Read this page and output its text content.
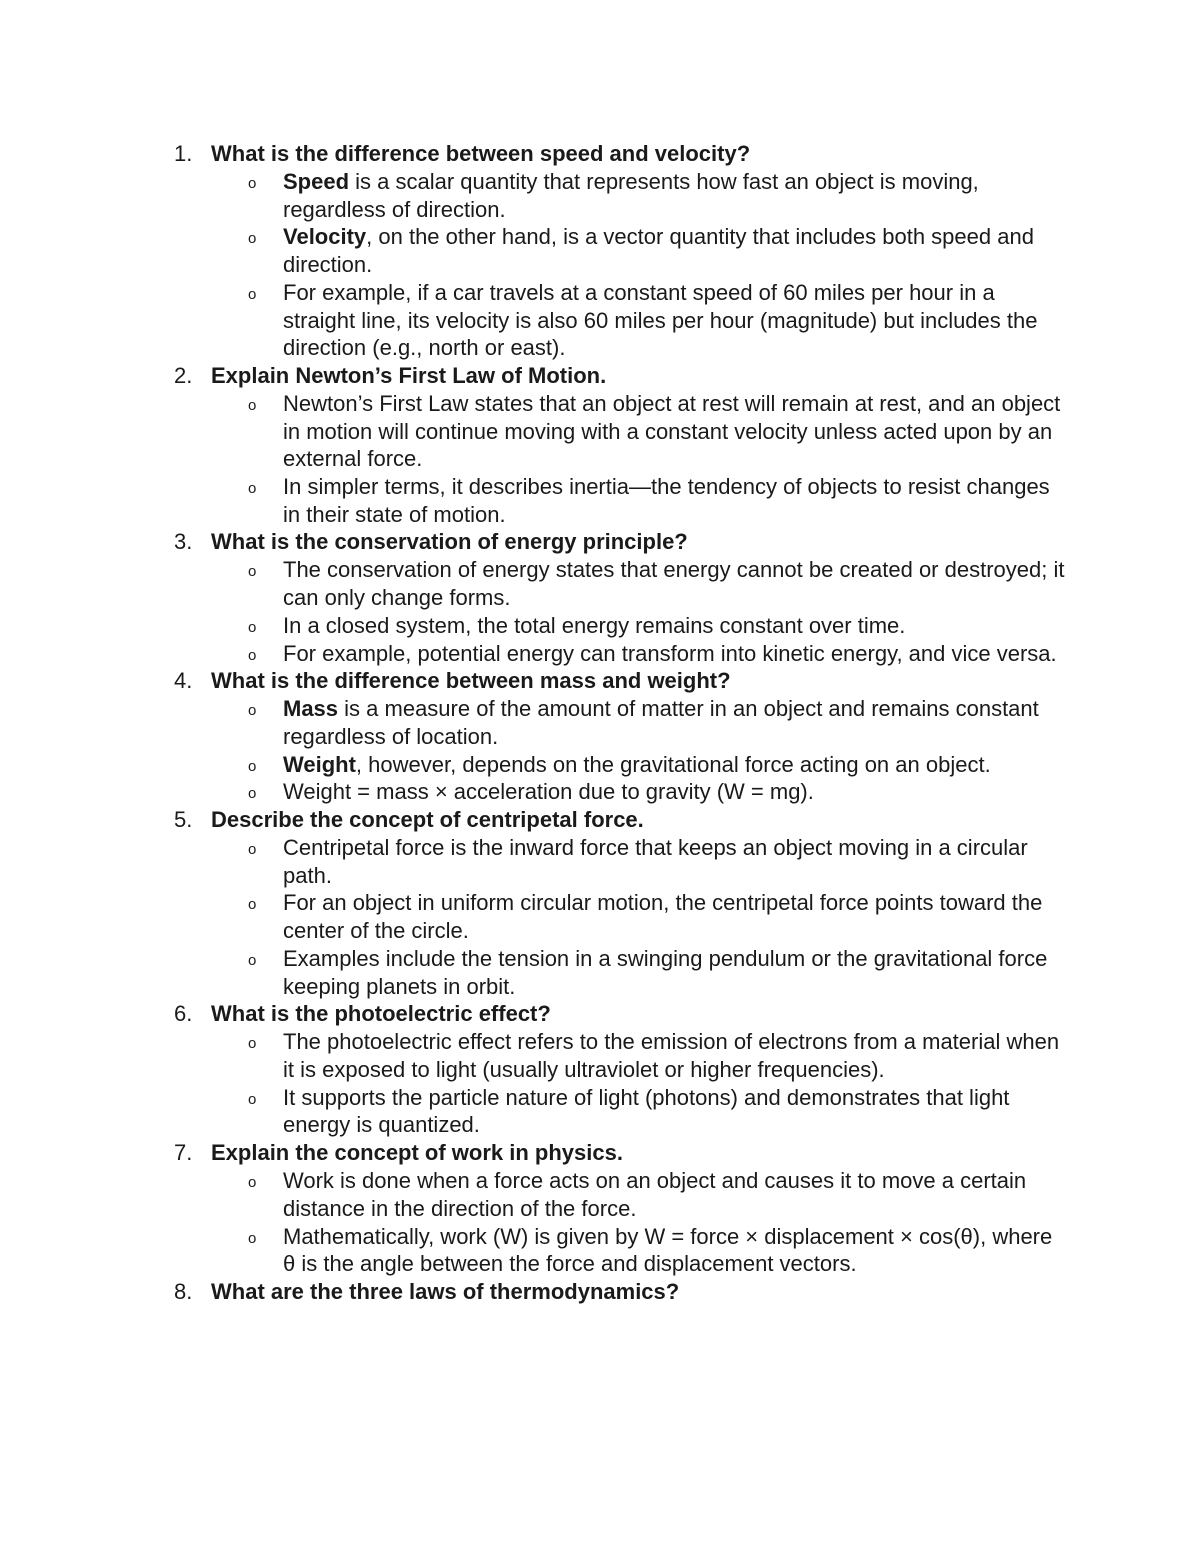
1. What is the difference between speed and velocity?
o Speed is a scalar quantity that represents how fast an object is moving, regardless of direction.
o Velocity, on the other hand, is a vector quantity that includes both speed and direction.
o For example, if a car travels at a constant speed of 60 miles per hour in a straight line, its velocity is also 60 miles per hour (magnitude) but includes the direction (e.g., north or east).
2. Explain Newton’s First Law of Motion.
o Newton’s First Law states that an object at rest will remain at rest, and an object in motion will continue moving with a constant velocity unless acted upon by an external force.
o In simpler terms, it describes inertia—the tendency of objects to resist changes in their state of motion.
3. What is the conservation of energy principle?
o The conservation of energy states that energy cannot be created or destroyed; it can only change forms.
o In a closed system, the total energy remains constant over time.
o For example, potential energy can transform into kinetic energy, and vice versa.
4. What is the difference between mass and weight?
o Mass is a measure of the amount of matter in an object and remains constant regardless of location.
o Weight, however, depends on the gravitational force acting on an object.
o Weight = mass × acceleration due to gravity (W = mg).
5. Describe the concept of centripetal force.
o Centripetal force is the inward force that keeps an object moving in a circular path.
o For an object in uniform circular motion, the centripetal force points toward the center of the circle.
o Examples include the tension in a swinging pendulum or the gravitational force keeping planets in orbit.
6. What is the photoelectric effect?
o The photoelectric effect refers to the emission of electrons from a material when it is exposed to light (usually ultraviolet or higher frequencies).
o It supports the particle nature of light (photons) and demonstrates that light energy is quantized.
7. Explain the concept of work in physics.
o Work is done when a force acts on an object and causes it to move a certain distance in the direction of the force.
o Mathematically, work (W) is given by W = force × displacement × cos(θ), where θ is the angle between the force and displacement vectors.
8. What are the three laws of thermodynamics?
